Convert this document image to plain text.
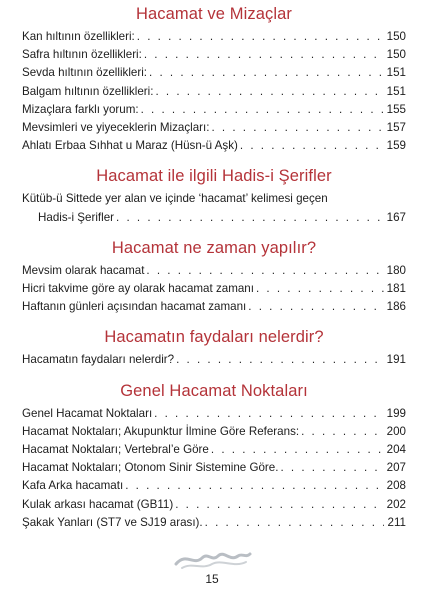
Hacamat ve Mizaçlar
Kan hıltının özellikleri: . . .	150
Safra hıltının özellikleri: . . .	150
Sevda hıltının özellikleri: . . .	151
Balgam hıltının özellikleri: . . .	151
Mizaçlara farklı yorum: . . .	155
Mevsimleri ve yiyeceklerin Mizaçları: . . .	157
Ahlatı Erbaa Sıhhat u Maraz (Hüsn-ü Aşk) . . .	159
Hacamat ile ilgili Hadis-i Şerifler
Kütüb-ü Sittede yer alan ve içinde ‘hacamat’ kelimesi geçen
Hadis-i Şerifler . . .	167
Hacamat ne zaman yapılır?
Mevsim olarak hacamat . . .	180
Hicri takvime göre ay olarak hacamat zamanı . . .	181
Haftanın günleri açısından hacamat zamanı . . .	186
Hacamatın faydaları nelerdir?
Hacamatın faydaları nelerdir? . . .	191
Genel Hacamat Noktaları
Genel Hacamat Noktaları . . .	199
Hacamat Noktaları; Akupunktur İlmine Göre Referans: . . .	200
Hacamat Noktaları; Vertebral’e Göre . . .	204
Hacamat Noktaları; Otonom Sinir Sistemine Göre. . . .	207
Kafa Arka hacamatı . . .	208
Kulak arkası hacamat (GB11) . . .	202
Şakak Yanları (ST7 ve SJ19 arası). . . .	211
15
